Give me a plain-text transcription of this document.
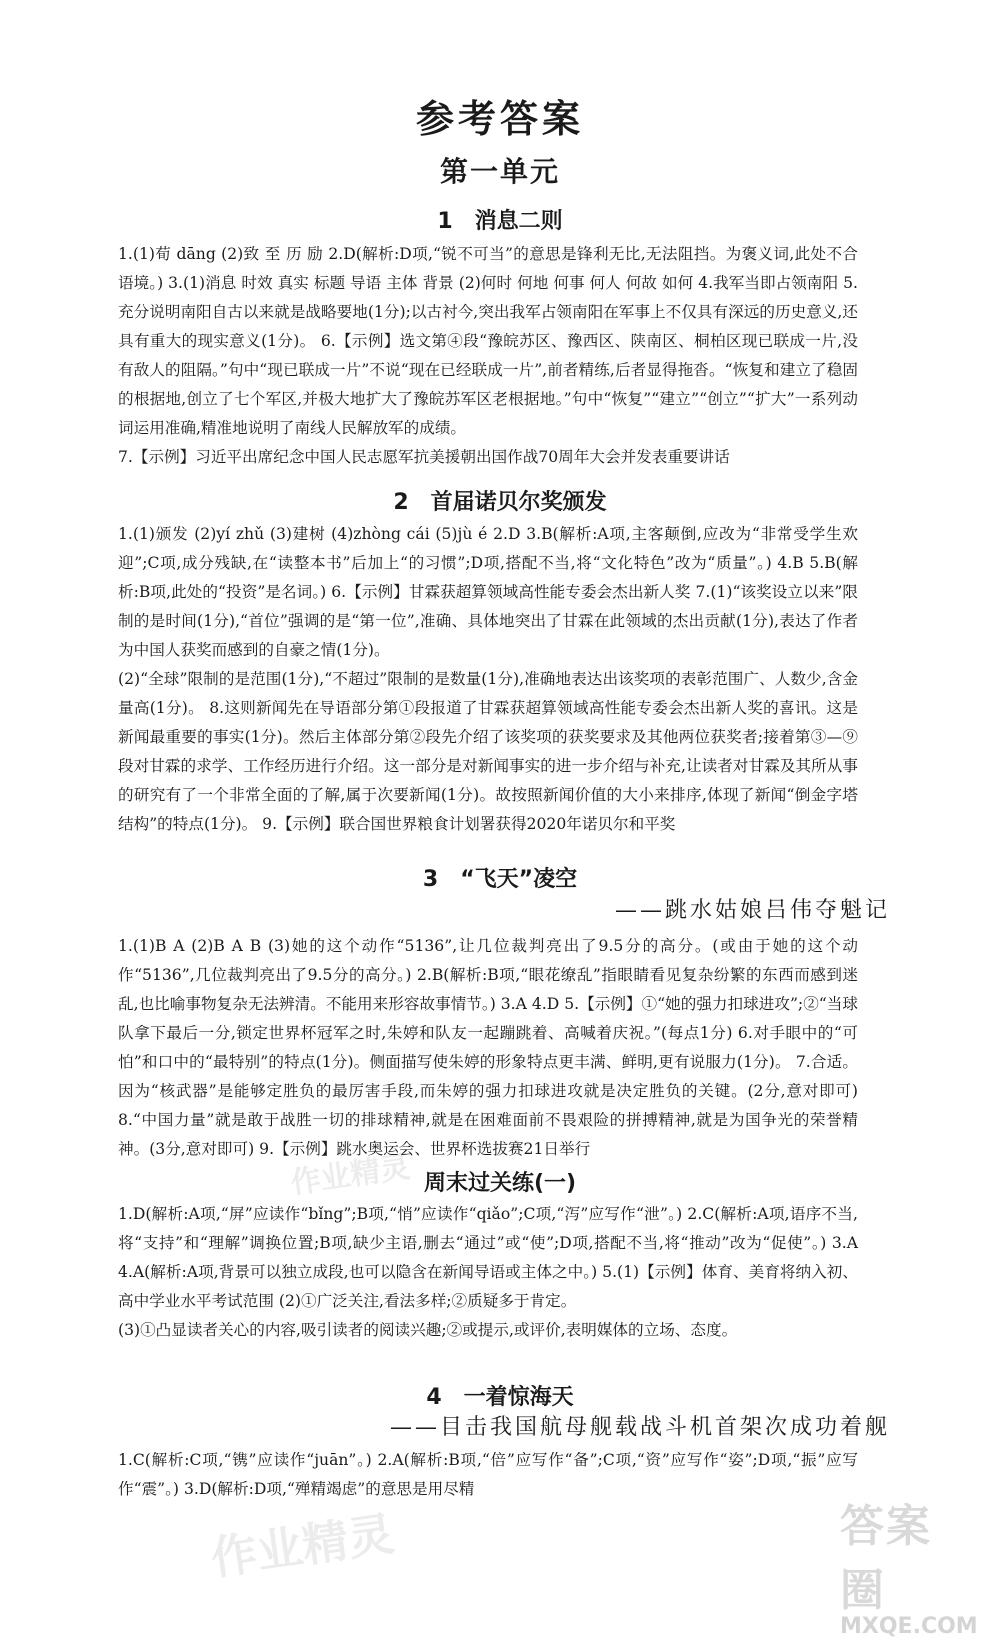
参考答案
第一单元
1 消息二则

1.(1)荀 dāng (2)致 至 历 励 2.D(解析:D项,“锐不可当”的意思是锋利无比,无法阻挡。为褒义词,此处不合语境。) 3.(1)消息 时效 真实 标题 导语 主体 背景 (2)何时 何地 何事 何人 何故 如何 4.我军当即占领南阳 5.充分说明南阳自古以来就是战略要地(1分);以古衬今,突出我军占领南阳在军事上不仅具有深远的历史意义,还具有重大的现实意义(1分)。 6.【示例】选文第④段“豫皖苏区、豫西区、陕南区、桐柏区现已联成一片,没有敌人的阻隔。”句中“现已联成一片”不说“现在已经联成一片”,前者精练,后者显得拖沓。“恢复和建立了稳固的根据地,创立了七个军区,并极大地扩大了豫皖苏军区老根据地。”句中“恢复”“建立”“创立”“扩大”一系列动词运用准确,精准地说明了南线人民解放军的成绩。

7.【示例】习近平出席纪念中国人民志愿军抗美援朝出国作战70周年大会并发表重要讲话

2 首届诺贝尔奖颁发

1.(1)颁发 (2)yí zhǔ (3)建树 (4)zhòng cái (5)jù é 2.D 3.B(解析:A项,主客颠倒,应改为“非常受学生欢迎”;C项,成分残缺,在“读整本书”后加上“的习惯”;D项,搭配不当,将“文化特色”改为“质量”。) 4.B 5.B(解析:B项,此处的“投资”是名词。) 6.【示例】甘霖获超算领域高性能专委会杰出新人奖 7.(1)“该奖设立以来”限制的是时间(1分),“首位”强调的是“第一位”,准确、具体地突出了甘霖在此领域的杰出贡献(1分),表达了作者为中国人获奖而感到的自豪之情(1分)。

(2)“全球”限制的是范围(1分),“不超过”限制的是数量(1分),准确地表达出该奖项的表彰范围广、人数少,含金量高(1分)。 8.这则新闻先在导语部分第①段报道了甘霖获超算领域高性能专委会杰出新人奖的喜讯。这是新闻最重要的事实(1分)。然后主体部分第②段先介绍了该奖项的获奖要求及其他两位获奖者;接着第③—⑨段对甘霖的求学、工作经历进行介绍。这一部分是对新闻事实的进一步介绍与补充,让读者对甘霖及其所从事的研究有了一个非常全面的了解,属于次要新闻(1分)。故按照新闻价值的大小来排序,体现了新闻“倒金字塔结构”的特点(1分)。 9.【示例】联合国世界粮食计划署获得2020年诺贝尔和平奖

3 “飞天”凌空
——跳水姑娘吕伟夺魁记

1.(1)B A (2)B A B (3)她的这个动作“5136”,让几位裁判亮出了9.5分的高分。(或由于她的这个动作“5136”,几位裁判亮出了9.5分的高分。) 2.B(解析:B项,“眼花缭乱”指眼睛看见复杂纷繁的东西而感到迷乱,也比喻事物复杂无法辨清。不能用来形容故事情节。) 3.A 4.D 5.【示例】①“她的强力扣球进攻”;②“当球队拿下最后一分,锁定世界杯冠军之时,朱婷和队友一起蹦跳着、高喊着庆祝。”(每点1分) 6.对手眼中的“可怕”和口中的“最特别”的特点(1分)。侧面描写使朱婷的形象特点更丰满、鲜明,更有说服力(1分)。 7.合适。因为“核武器”是能够定胜负的最厉害手段,而朱婷的强力扣球进攻就是决定胜负的关键。(2分,意对即可) 8.“中国力量”就是敢于战胜一切的排球精神,就是在困难面前不畏艰险的拼搏精神,就是为国争光的荣誉精神。(3分,意对即可) 9.【示例】跳水奥运会、世界杯选拔赛21日举行

周末过关练(一)

1.D(解析:A项,“屏”应读作“bǐng”;B项,“悄”应读作“qiǎo”;C项,“泻”应写作“泄”。) 2.C(解析:A项,语序不当,将“支持”和“理解”调换位置;B项,缺少主语,删去“通过”或“使”;D项,搭配不当,将“推动”改为“促使”。) 3.A 4.A(解析:A项,背景可以独立成段,也可以隐含在新闻导语或主体之中。) 5.(1)【示例】体育、美育将纳入初、高中学业水平考试范围 (2)①广泛关注,看法多样;②质疑多于肯定。

(3)①凸显读者关心的内容,吸引读者的阅读兴趣;②或提示,或评价,表明媒体的立场、态度。

4 一着惊海天
——目击我国航母舰载战斗机首架次成功着舰

1.C(解析:C项,“镌”应读作“juān”。) 2.A(解析:B项,“倍”应写作“备”;C项,“资”应写作“姿”;D项,“振”应写作“震”。) 3.D(解析:D项,“殚精竭虑”的意思是用尽精

作业精灵
作业精灵	答案圈
MXQE.COM
